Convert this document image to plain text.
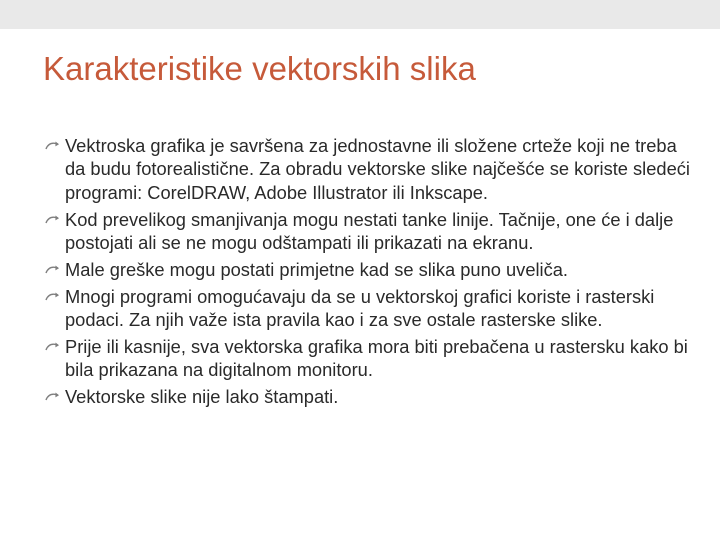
Karakteristike vektorskih slika
Vektroska grafika je savršena za jednostavne ili složene crteže koji ne treba da budu fotorealistične. Za obradu vektorske slike najčešće se koriste sledeći programi: CorelDRAW, Adobe Illustrator ili Inkscape.
Kod prevelikog smanjivanja mogu nestati tanke linije. Tačnije, one će i dalje postojati ali se ne mogu odštampati ili prikazati na ekranu.
Male greške mogu postati primjetne kad se slika puno uveliča.
Mnogi programi omogućavaju da se u vektorskoj grafici koriste i rasterski podaci. Za njih važe ista pravila kao i za sve ostale rasterske slike.
Prije ili kasnije, sva vektorska grafika mora biti prebačena u rastersku kako bi bila prikazana na digitalnom monitoru.
Vektorske slike nije lako štampati.
